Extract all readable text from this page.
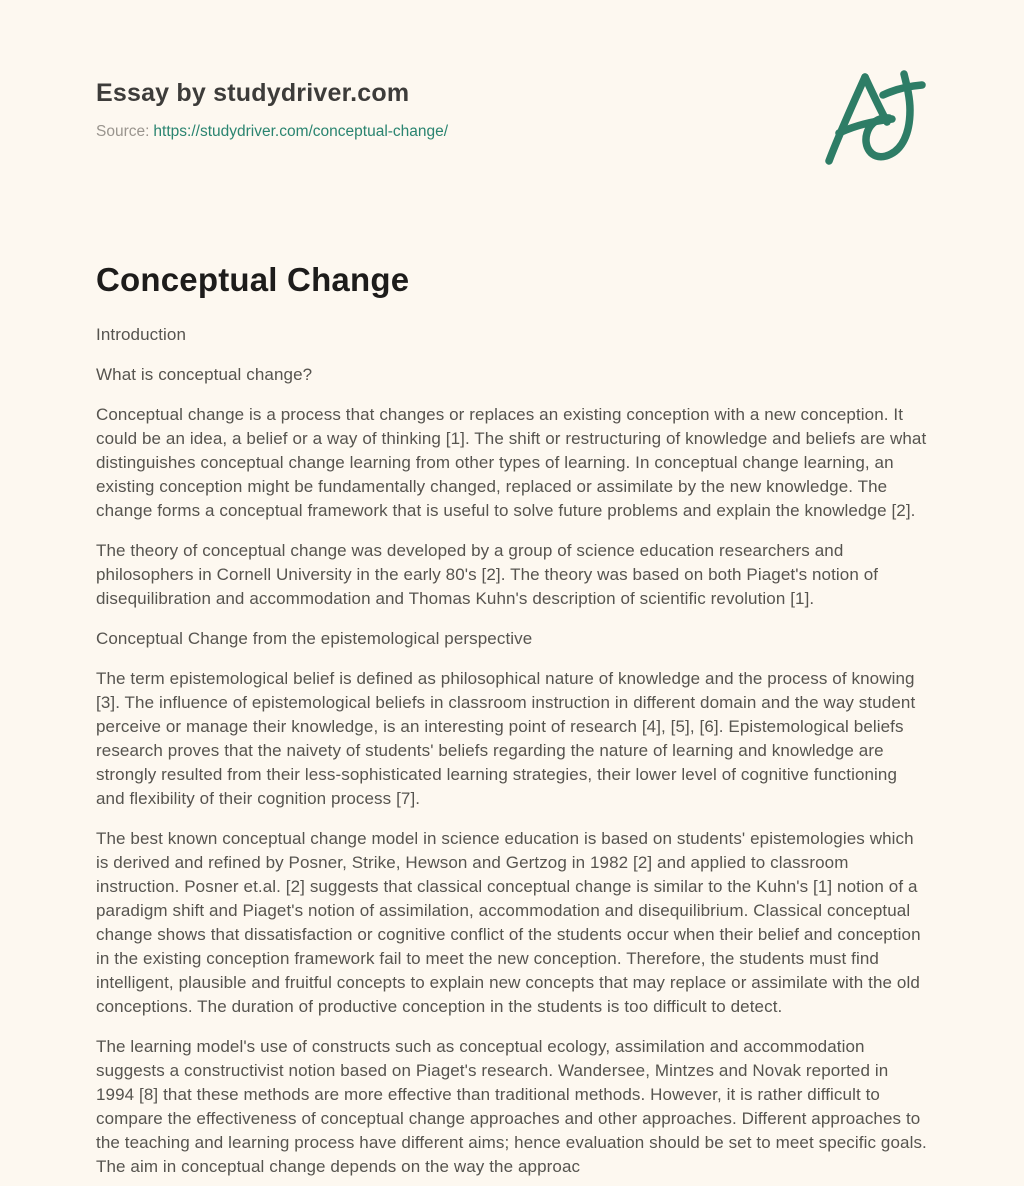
Essay by studydriver.com
Source: https://studydriver.com/conceptual-change/
Conceptual Change

Introduction

What is conceptual change?

Conceptual change is a process that changes or replaces an existing conception with a new conception. It could be an idea, a belief or a way of thinking [1]. The shift or restructuring of knowledge and beliefs are what distinguishes conceptual change learning from other types of learning. In conceptual change learning, an existing conception might be fundamentally changed, replaced or assimilate by the new knowledge. The change forms a conceptual framework that is useful to solve future problems and explain the knowledge [2].

The theory of conceptual change was developed by a group of science education researchers and philosophers in Cornell University in the early 80's [2]. The theory was based on both Piaget's notion of disequilibration and accommodation and Thomas Kuhn's description of scientific revolution [1].

Conceptual Change from the epistemological perspective

The term epistemological belief is defined as philosophical nature of knowledge and the process of knowing [3]. The influence of epistemological beliefs in classroom instruction in different domain and the way student perceive or manage their knowledge, is an interesting point of research [4], [5], [6]. Epistemological beliefs research proves that the naivety of students' beliefs regarding the nature of learning and knowledge are strongly resulted from their less-sophisticated learning strategies, their lower level of cognitive functioning and flexibility of their cognition process [7].

The best known conceptual change model in science education is based on students' epistemologies which is derived and refined by Posner, Strike, Hewson and Gertzog in 1982 [2] and applied to classroom instruction. Posner et.al. [2] suggests that classical conceptual change is similar to the Kuhn's [1] notion of a paradigm shift and Piaget's notion of assimilation, accommodation and disequilibrium. Classical conceptual change shows that dissatisfaction or cognitive conflict of the students occur when their belief and conception in the existing conception framework fail to meet the new conception. Therefore, the students must find intelligent, plausible and fruitful concepts to explain new concepts that may replace or assimilate with the old conceptions. The duration of productive conception in the students is too difficult to detect.

The learning model's use of constructs such as conceptual ecology, assimilation and accommodation suggests a constructivist notion based on Piaget's research. Wandersee, Mintzes and Novak reported in 1994 [8] that these methods are more effective than traditional methods. However, it is rather difficult to compare the effectiveness of conceptual change approaches and other approaches. Different approaches to the teaching and learning process have different aims; hence evaluation should be set to meet specific goals. The aim in conceptual change depends on the way the approac
